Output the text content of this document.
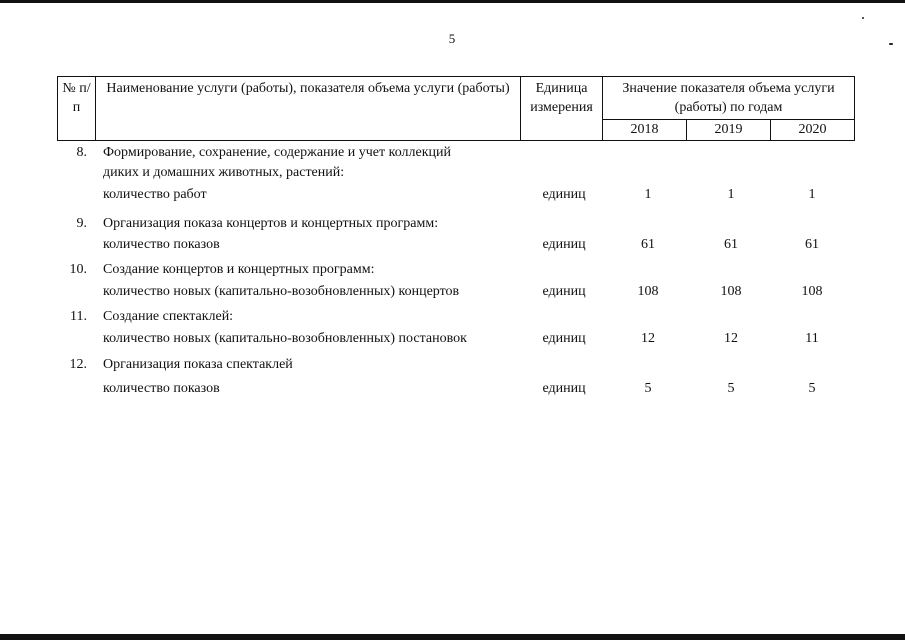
5
№ п/п	Наименование услуги (работы), показателя объема услуги (работы)	Единица измерения	Значение показателя объема услуги (работы) по годам		
			2018	2019	2020
8. Формирование, сохранение, содержание и учет коллекций
диких и домашних животных, растений:
количество работ	единиц	1	1	1
9. Организация показа концертов и концертных программ:
количество показов	единиц	61	61	61
10. Создание концертов и концертных программ:
количество новых (капитально-возобновленных) концертов	единиц	108	108	108
11. Создание спектаклей:
количество новых (капитально-возобновленных) постановок	единиц	12	12	11
12. Организация показа спектаклей
количество показов	единиц	5	5	5
